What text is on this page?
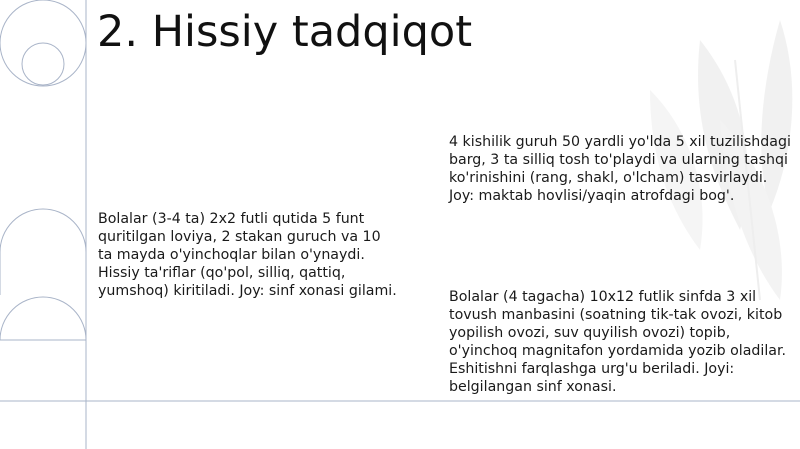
2. Hissiy tadqiqot

Bolalar (3-4 ta) 2x2 futli qutida 5 funt quritilgan loviya, 2 stakan guruch va 10 ta mayda o'yinchoqlar bilan o'ynaydi. Hissiy ta'riflar (qo'pol, silliq, qattiq, yumshoq) kiritiladi. Joy: sinf xonasi gilami.

4 kishilik guruh 50 yardli yo'lda 5 xil tuzilishdagi barg, 3 ta silliq tosh to'playdi va ularning tashqi ko'rinishini (rang, shakl, o'lcham) tasvirlaydi. Joy: maktab hovlisi/yaqin atrofdagi bog'.

Bolalar (4 tagacha) 10x12 futlik sinfda 3 xil tovush manbasini (soatning tik-tak ovozi, kitob yopilish ovozi, suv quyilish ovozi) topib, o'yinchoq magnitafon yordamida yozib oladilar. Eshitishni farqlashga urg'u beriladi. Joyi: belgilangan sinf xonasi.
